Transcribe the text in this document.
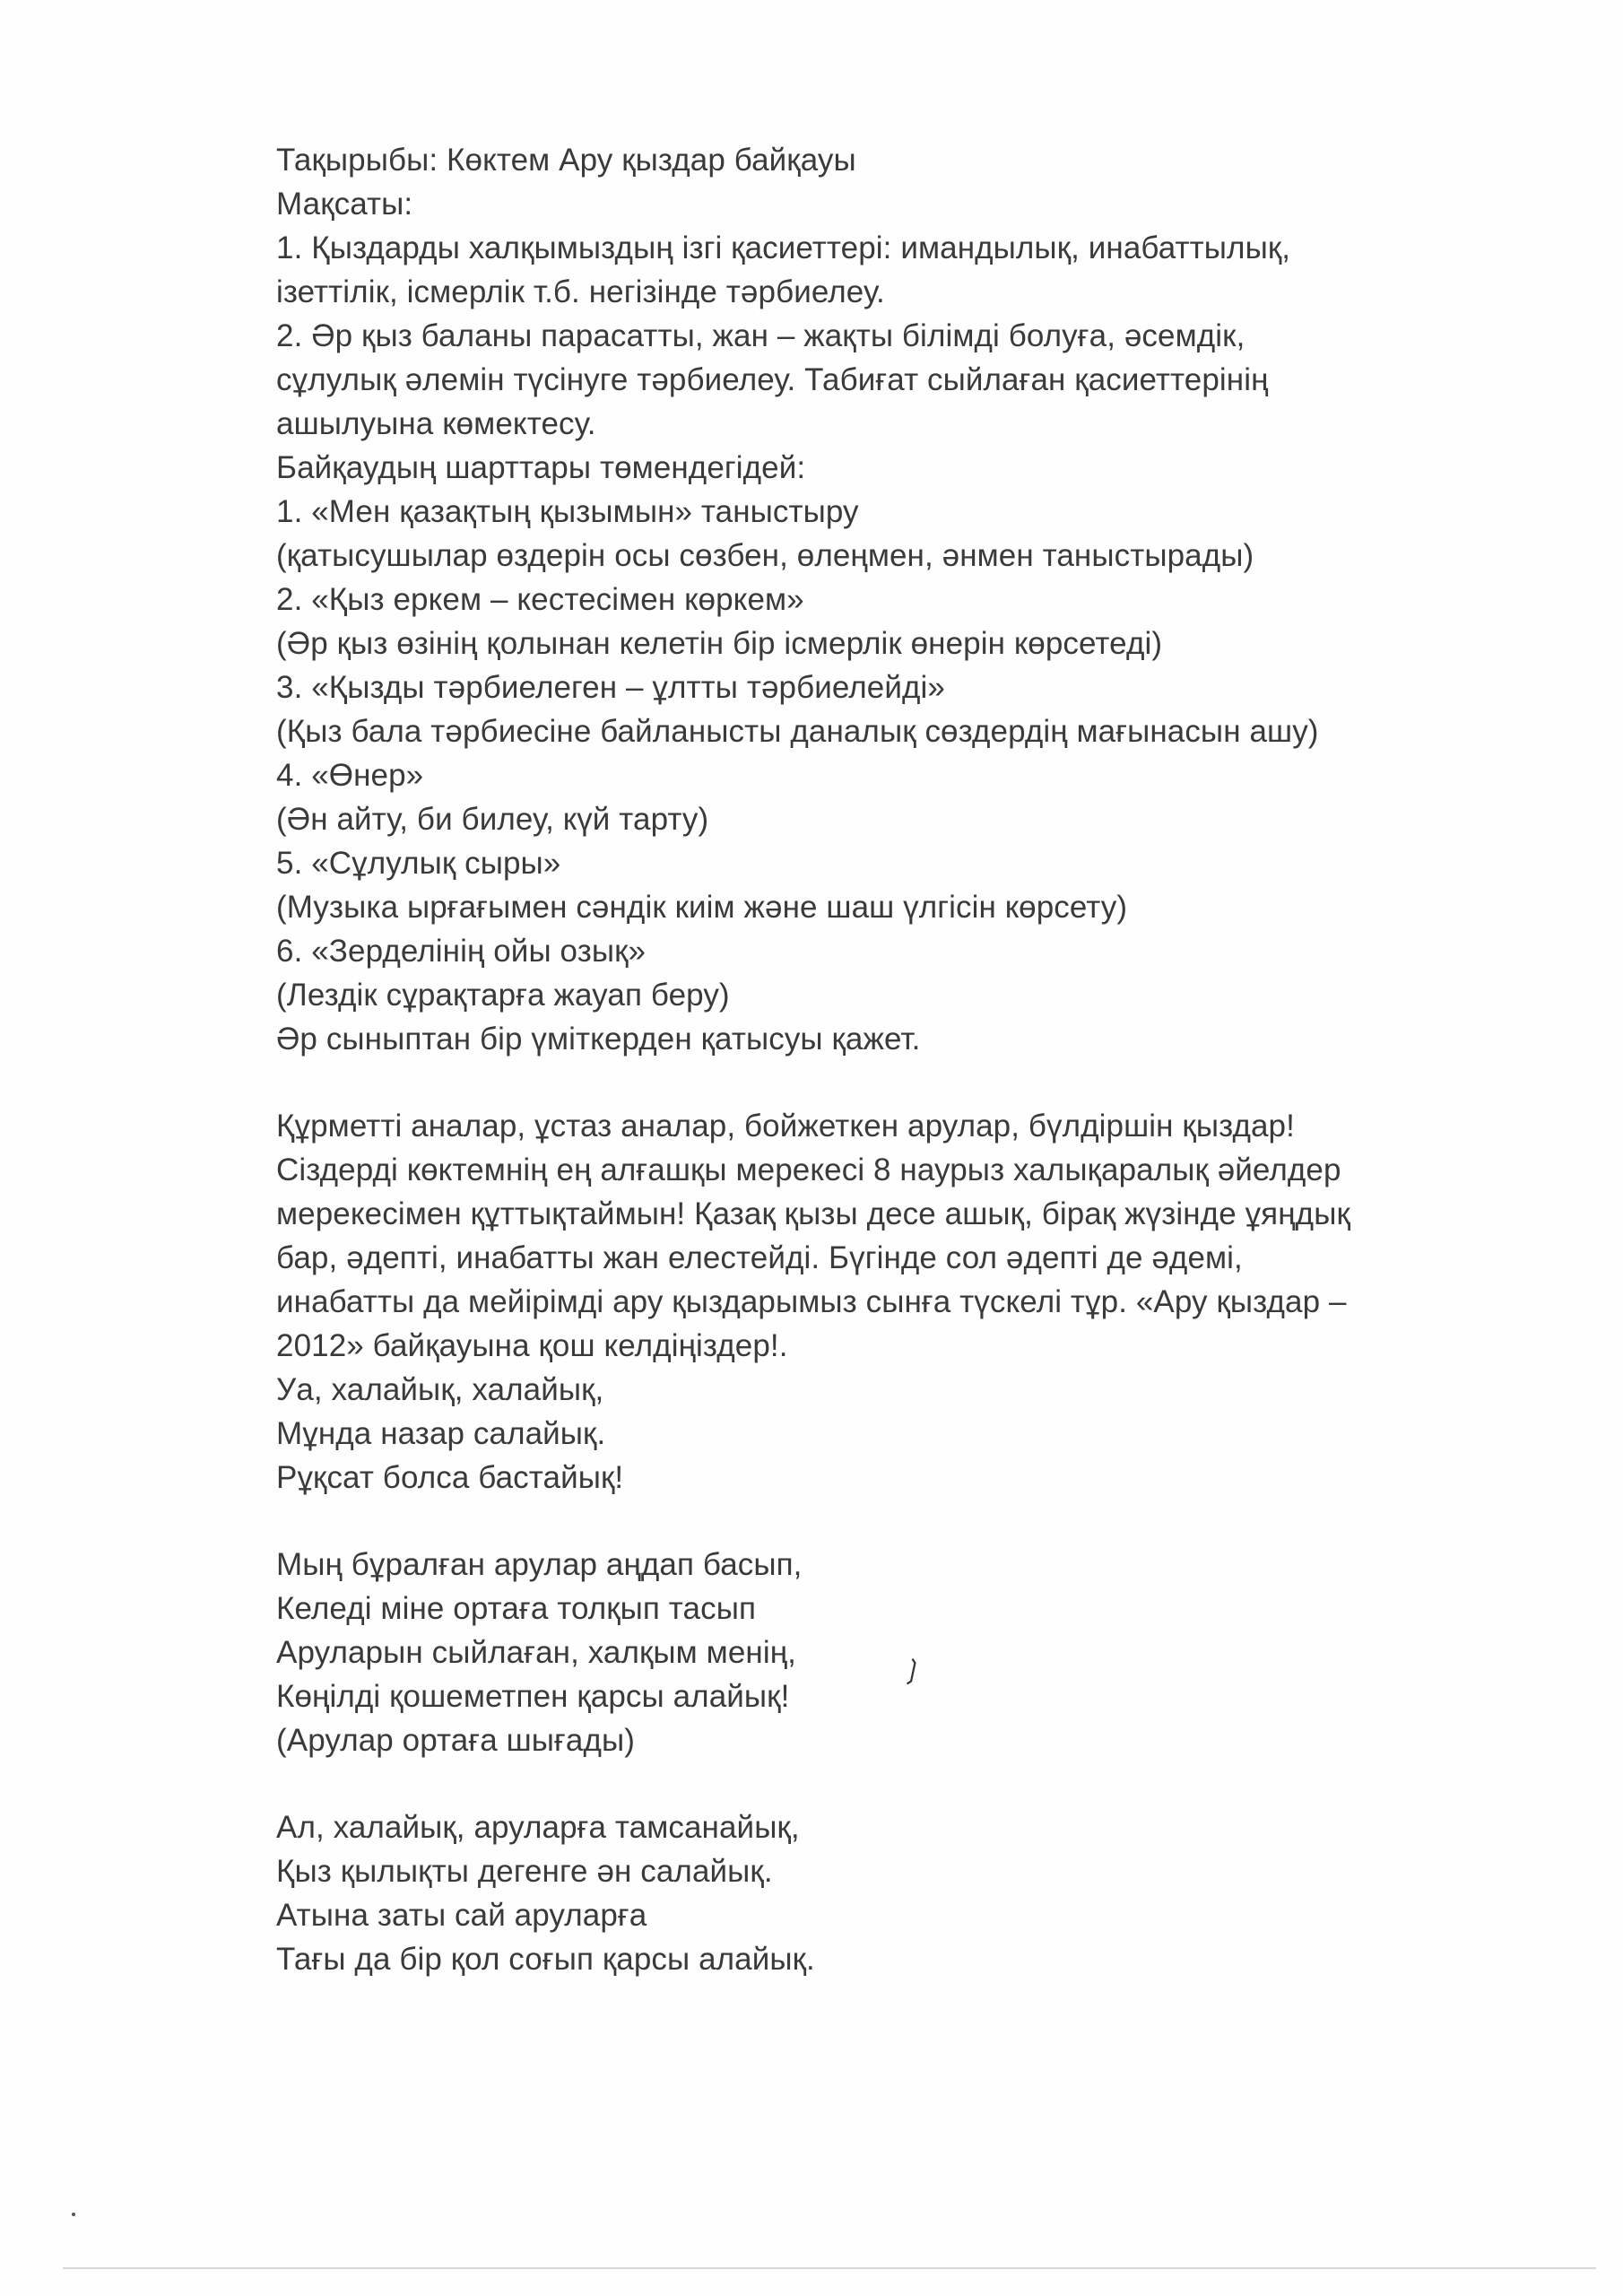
Тақырыбы: Көктем Ару қыздар байқауы
Мақсаты:
1. Қыздарды халқымыздың ізгі қасиеттері: имандылық, инабаттылық,
ізеттілік, ісмерлік т.б. негізінде тәрбиелеу.
2. Әр қыз баланы парасатты, жан – жақты білімді болуға, әсемдік,
сұлулық әлемін түсінуге тәрбиелеу. Табиғат сыйлаған қасиеттерінің
ашылуына көмектесу.
Байқаудың шарттары төмендегідей:
1. «Мен қазақтың қызымын» таныстыру
(қатысушылар өздерін осы сөзбен, өлеңмен, әнмен таныстырады)
2. «Қыз еркем – кестесімен көркем»
(Әр қыз өзінің қолынан келетін бір ісмерлік өнерін көрсетеді)
3. «Қызды тәрбиелеген – ұлтты тәрбиелейді»
(Қыз бала тәрбиесіне байланысты даналық сөздердің мағынасын ашу)
4. «Өнер»
(Ән айту, би билеу, күй тарту)
5. «Сұлулық сыры»
(Музыка ырғағымен сәндік киім және шаш үлгісін көрсету)
6. «Зерделінің ойы озық»
(Лездік сұрақтарға жауап беру)
Әр сыныптан бір үміткерден қатысуы қажет.
Құрметті аналар, ұстаз аналар, бойжеткен арулар, бүлдіршін қыздар!
Сіздерді көктемнің ең алғашқы мерекесі 8 наурыз халықаралық әйелдер
мерекесімен құттықтаймын! Қазақ қызы десе ашық, бірақ жүзінде ұяңдық
бар, әдепті, инабатты жан елестейді. Бүгінде сол әдепті де әдемі,
инабатты да мейірімді ару қыздарымыз сынға түскелі тұр. «Ару қыздар –
2012» байқауына қош келдіңіздер!.
Уа, халайық, халайық,
Мұнда назар салайық.
Рұқсат болса бастайық!
Мың бұралған арулар аңдап басып,
Келеді міне ортаға толқып тасып
Аруларын сыйлаған, халқым менің,
Көңілді қошеметпен қарсы алайық!
(Арулар ортаға шығады)
Ал, халайық, аруларға тамсанайық,
Қыз қылықты дегенге ән салайық.
Атына заты сай аруларға
Тағы да бір қол соғып қарсы алайық.
❳
